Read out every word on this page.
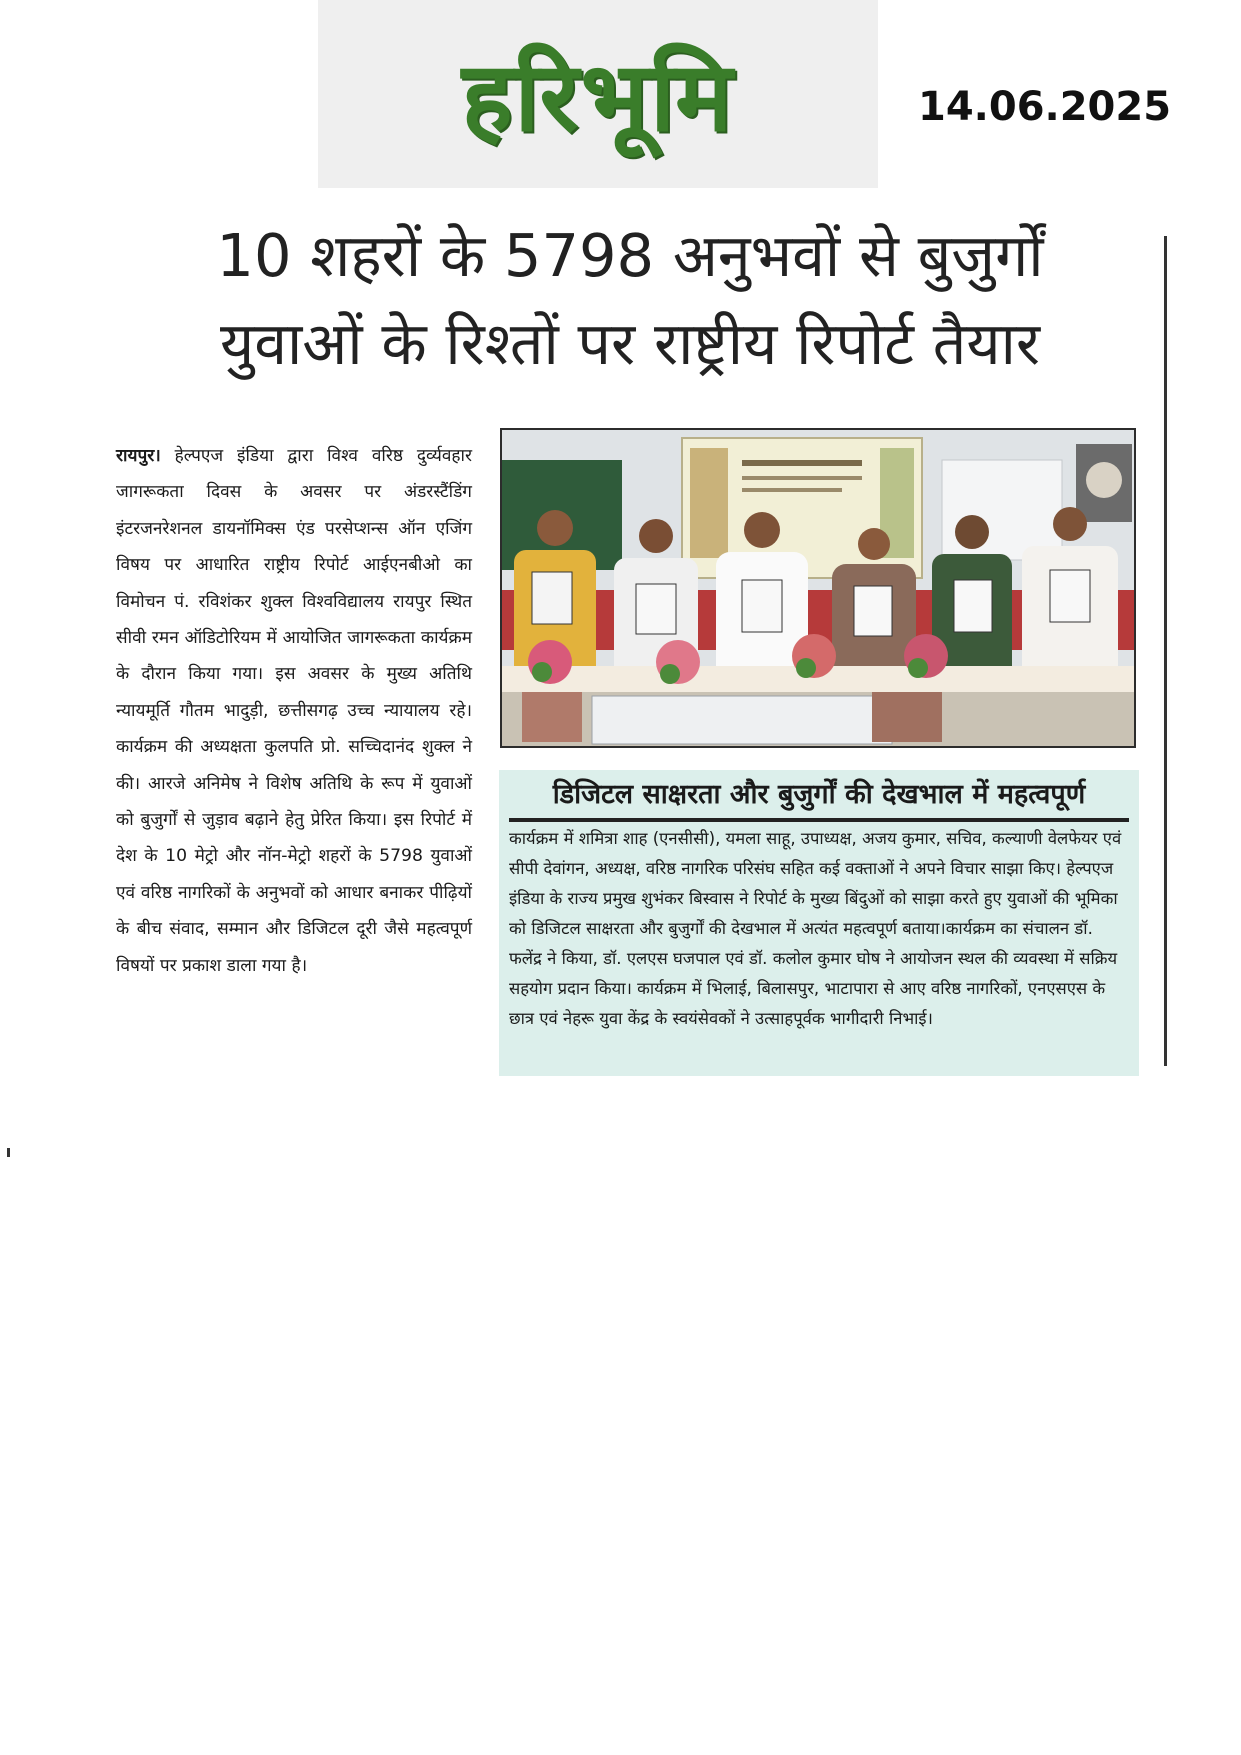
हरिभूमि	14.06.2025
10 शहरों के 5798 अनुभवों से बुजुर्गों
युवाओं के रिश्तों पर राष्ट्रीय रिपोर्ट तैयार
रायपुर। हेल्पएज इंडिया द्वारा विश्व वरिष्ठ दुर्व्यवहार जागरूकता दिवस के अवसर पर अंडरस्टैंडिंग इंटरजनरेशनल डायनॉमिक्स एंड परसेप्शन्स ऑन एजिंग विषय पर आधारित राष्ट्रीय रिपोर्ट आईएनबीओ का विमोचन पं. रविशंकर शुक्ल विश्वविद्यालय रायपुर स्थित सीवी रमन ऑडिटोरियम में आयोजित जागरूकता कार्यक्रम के दौरान किया गया। इस अवसर के मुख्य अतिथि न्यायमूर्ति गौतम भादुड़ी, छत्तीसगढ़ उच्च न्यायालय रहे। कार्यक्रम की अध्यक्षता कुलपति प्रो. सच्चिदानंद शुक्ल ने की। आरजे अनिमेष ने विशेष अतिथि के रूप में युवाओं को बुजुर्गों से जुड़ाव बढ़ाने हेतु प्रेरित किया। इस रिपोर्ट में देश के 10 मेट्रो और नॉन-मेट्रो शहरों के 5798 युवाओं एवं वरिष्ठ नागरिकों के अनुभवों को आधार बनाकर पीढ़ियों के बीच संवाद, सम्मान और डिजिटल दूरी जैसे महत्वपूर्ण विषयों पर प्रकाश डाला गया है।
डिजिटल साक्षरता और बुजुर्गों की देखभाल में महत्वपूर्ण
कार्यक्रम में शमित्रा शाह (एनसीसी), यमला साहू, उपाध्यक्ष, अजय कुमार, सचिव, कल्याणी वेलफेयर एवं सीपी देवांगन, अध्यक्ष, वरिष्ठ नागरिक परिसंघ सहित कई वक्ताओं ने अपने विचार साझा किए। हेल्पएज इंडिया के राज्य प्रमुख शुभंकर बिस्वास ने रिपोर्ट के मुख्य बिंदुओं को साझा करते हुए युवाओं की भूमिका को डिजिटल साक्षरता और बुजुर्गों की देखभाल में अत्यंत महत्वपूर्ण बताया।कार्यक्रम का संचालन डॉ. फलेंद्र ने किया, डॉ. एलएस घजपाल एवं डॉ. कलोल कुमार घोष ने आयोजन स्थल की व्यवस्था में सक्रिय सहयोग प्रदान किया। कार्यक्रम में भिलाई, बिलासपुर, भाटापारा से आए वरिष्ठ नागरिकों, एनएसएस के छात्र एवं नेहरू युवा केंद्र के स्वयंसेवकों ने उत्साहपूर्वक भागीदारी निभाई।
